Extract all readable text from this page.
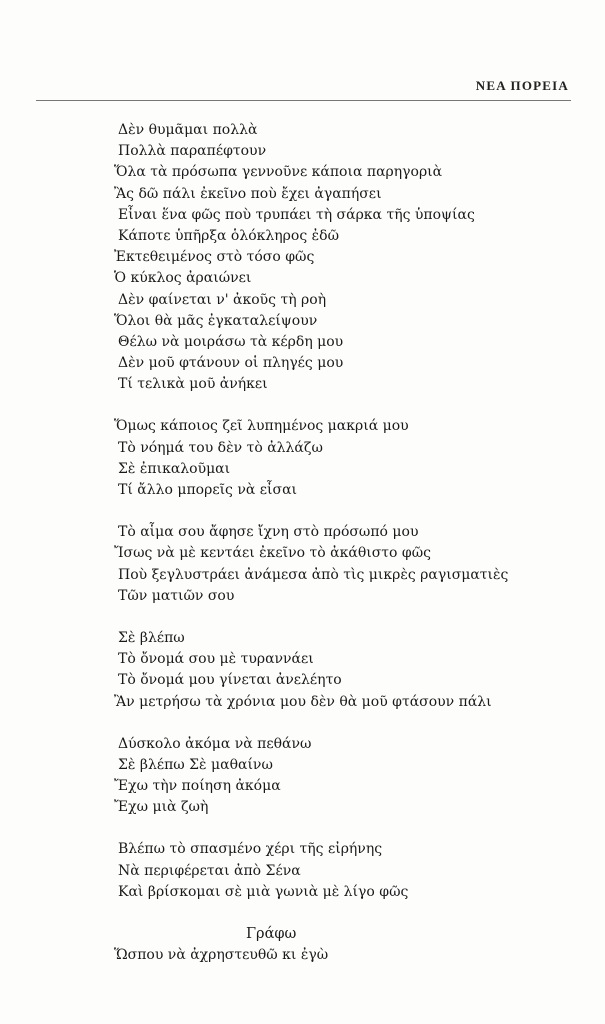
ΝΕΑ ΠΟΡΕΙΑ
Δὲν θυμᾶμαι πολλὰ
Πολλὰ παραπέφτουν
Ὅλα τὰ πρόσωπα γεννοῦνε κάποια παρηγοριὰ
Ἂς δῶ πάλι ἐκεῖνο ποὺ ἔχει ἀγαπήσει
Εἶναι ἕνα φῶς ποὺ τρυπάει τὴ σάρκα τῆς ὑποψίας
Κάποτε ὑπῆρξα ὁλόκληρος ἐδῶ
Ἐκτεθειμένος στὸ τόσο φῶς
Ὁ κύκλος ἀραιώνει
Δὲν φαίνεται ν' ἀκοῦς τὴ ροὴ
Ὅλοι θὰ μᾶς ἐγκαταλείψουν
Θέλω νὰ μοιράσω τὰ κέρδη μου
Δὲν μοῦ φτάνουν οἱ πληγές μου
Τί τελικὰ μοῦ ἀνήκει
Ὅμως κάποιος ζεῖ λυπημένος μακριά μου
Τὸ νόημά του δὲν τὸ ἀλλάζω
Σὲ ἐπικαλοῦμαι
Τί ἄλλο μπορεῖς νὰ εἶσαι
Τὸ αἷμα σου ἄφησε ἴχνη στὸ πρόσωπό μου
Ἴσως νὰ μὲ κεντάει ἐκεῖνο τὸ ἀκάθιστο φῶς
Ποὺ ξεγλυστράει ἀνάμεσα ἀπὸ τὶς μικρὲς ραγισματιὲς
Τῶν ματιῶν σου
Σὲ βλέπω
Τὸ ὄνομά σου μὲ τυραννάει
Τὸ ὄνομά μου γίνεται ἀνελέητο
Ἂν μετρήσω τὰ χρόνια μου δὲν θὰ μοῦ φτάσουν πάλι
Δύσκολο ἀκόμα νὰ πεθάνω
Σὲ βλέπω Σὲ μαθαίνω
Ἔχω τὴν ποίηση ἀκόμα
Ἔχω μιὰ ζωὴ
Βλέπω τὸ σπασμένο χέρι τῆς εἰρήνης
Νὰ περιφέρεται ἀπὸ Σένα
Καὶ βρίσκομαι σὲ μιὰ γωνιὰ μὲ λίγο φῶς
Γράφω
Ὥσπου νὰ ἀχρηστευθῶ κι ἐγὼ
